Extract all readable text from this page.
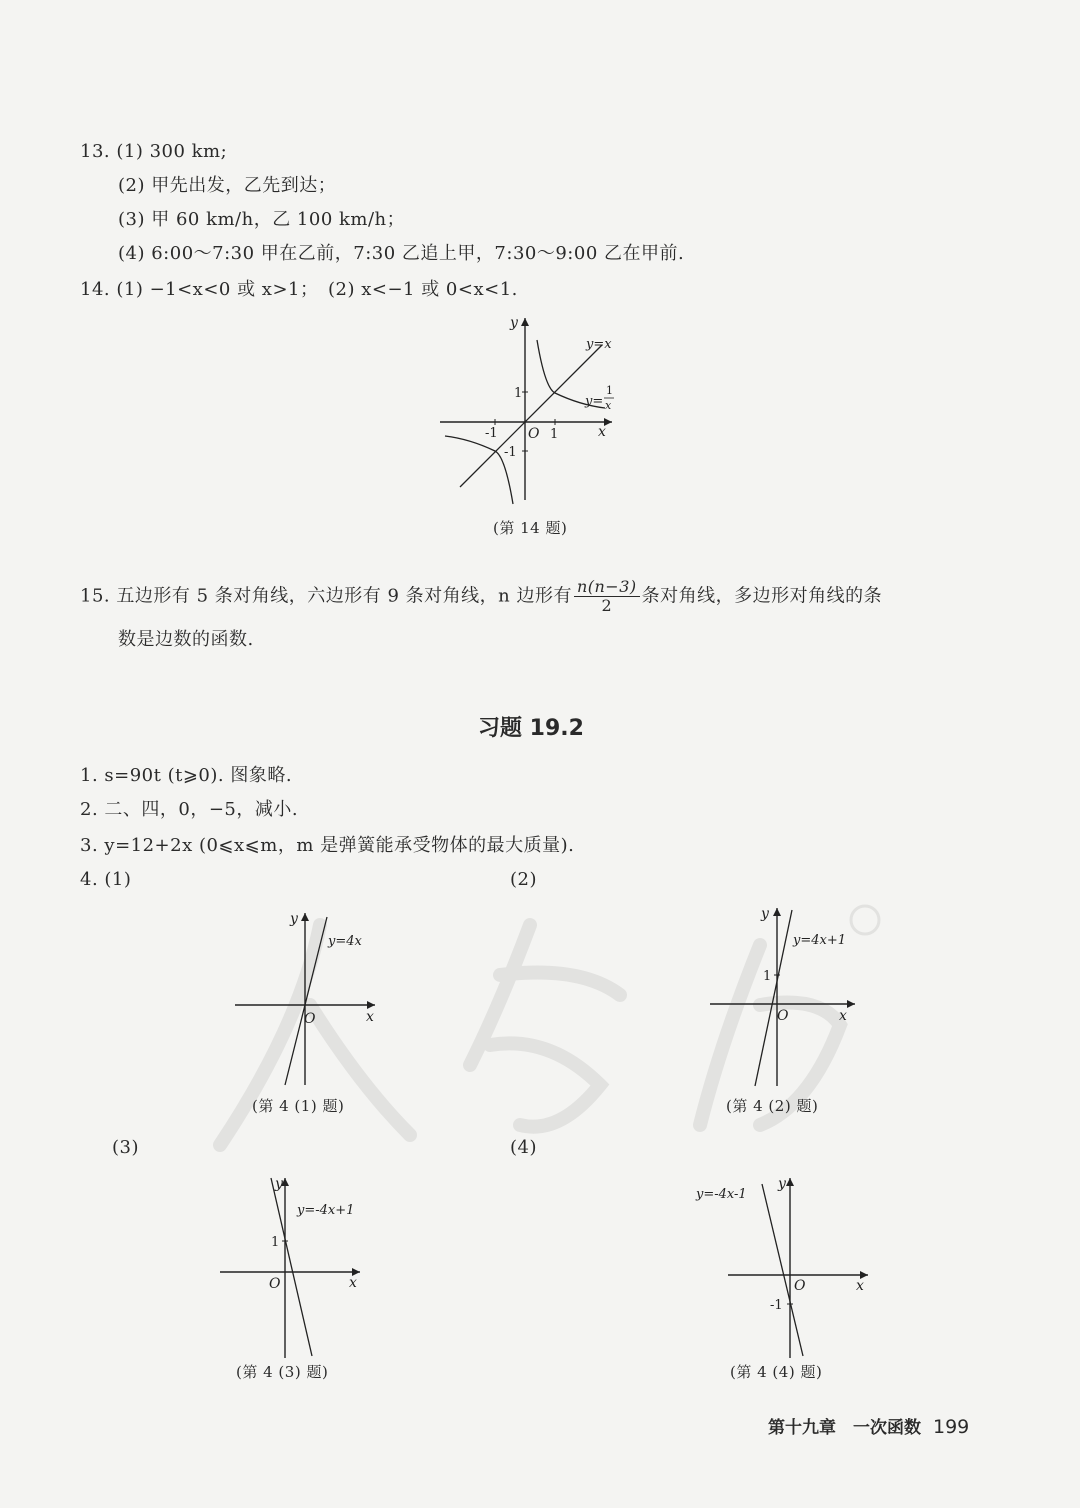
13. (1) 300 km;
(2) 甲先出发，乙先到达；
(3) 甲 60 km/h，乙 100 km/h；
(4) 6:00～7:30 甲在乙前，7:30 乙追上甲，7:30～9:00 乙在甲前.
14. (1) −1<x<0 或 x>1；　(2) x<−1 或 0<x<1.
y
x
O
1
1
-1
-1
y=x
y=
1
x
(第 14 题)
15. 五边形有 5 条对角线，六边形有 9 条对角线，n 边形有 $\frac{n(n-3)}{2}$ 条对角线，多边形对角线的条
数是边数的函数.
习题 19.2
1. s=90t (t⩾0). 图象略.
2. 二、四，0，−5，减小.
3. y=12+2x (0⩽x⩽m，m 是弹簧能承受物体的最大质量).
4. (1)	(2)
y
x
O
y=4x
(第 4 (1) 题)
y
x
O
1
y=4x+1
(第 4 (2) 题)
(3)	(4)
y
x
O
1
y=-4x+1
(第 4 (3) 题)
y
x
O
-1
y=-4x-1
(第 4 (4) 题)
第十九章　一次函数 199
